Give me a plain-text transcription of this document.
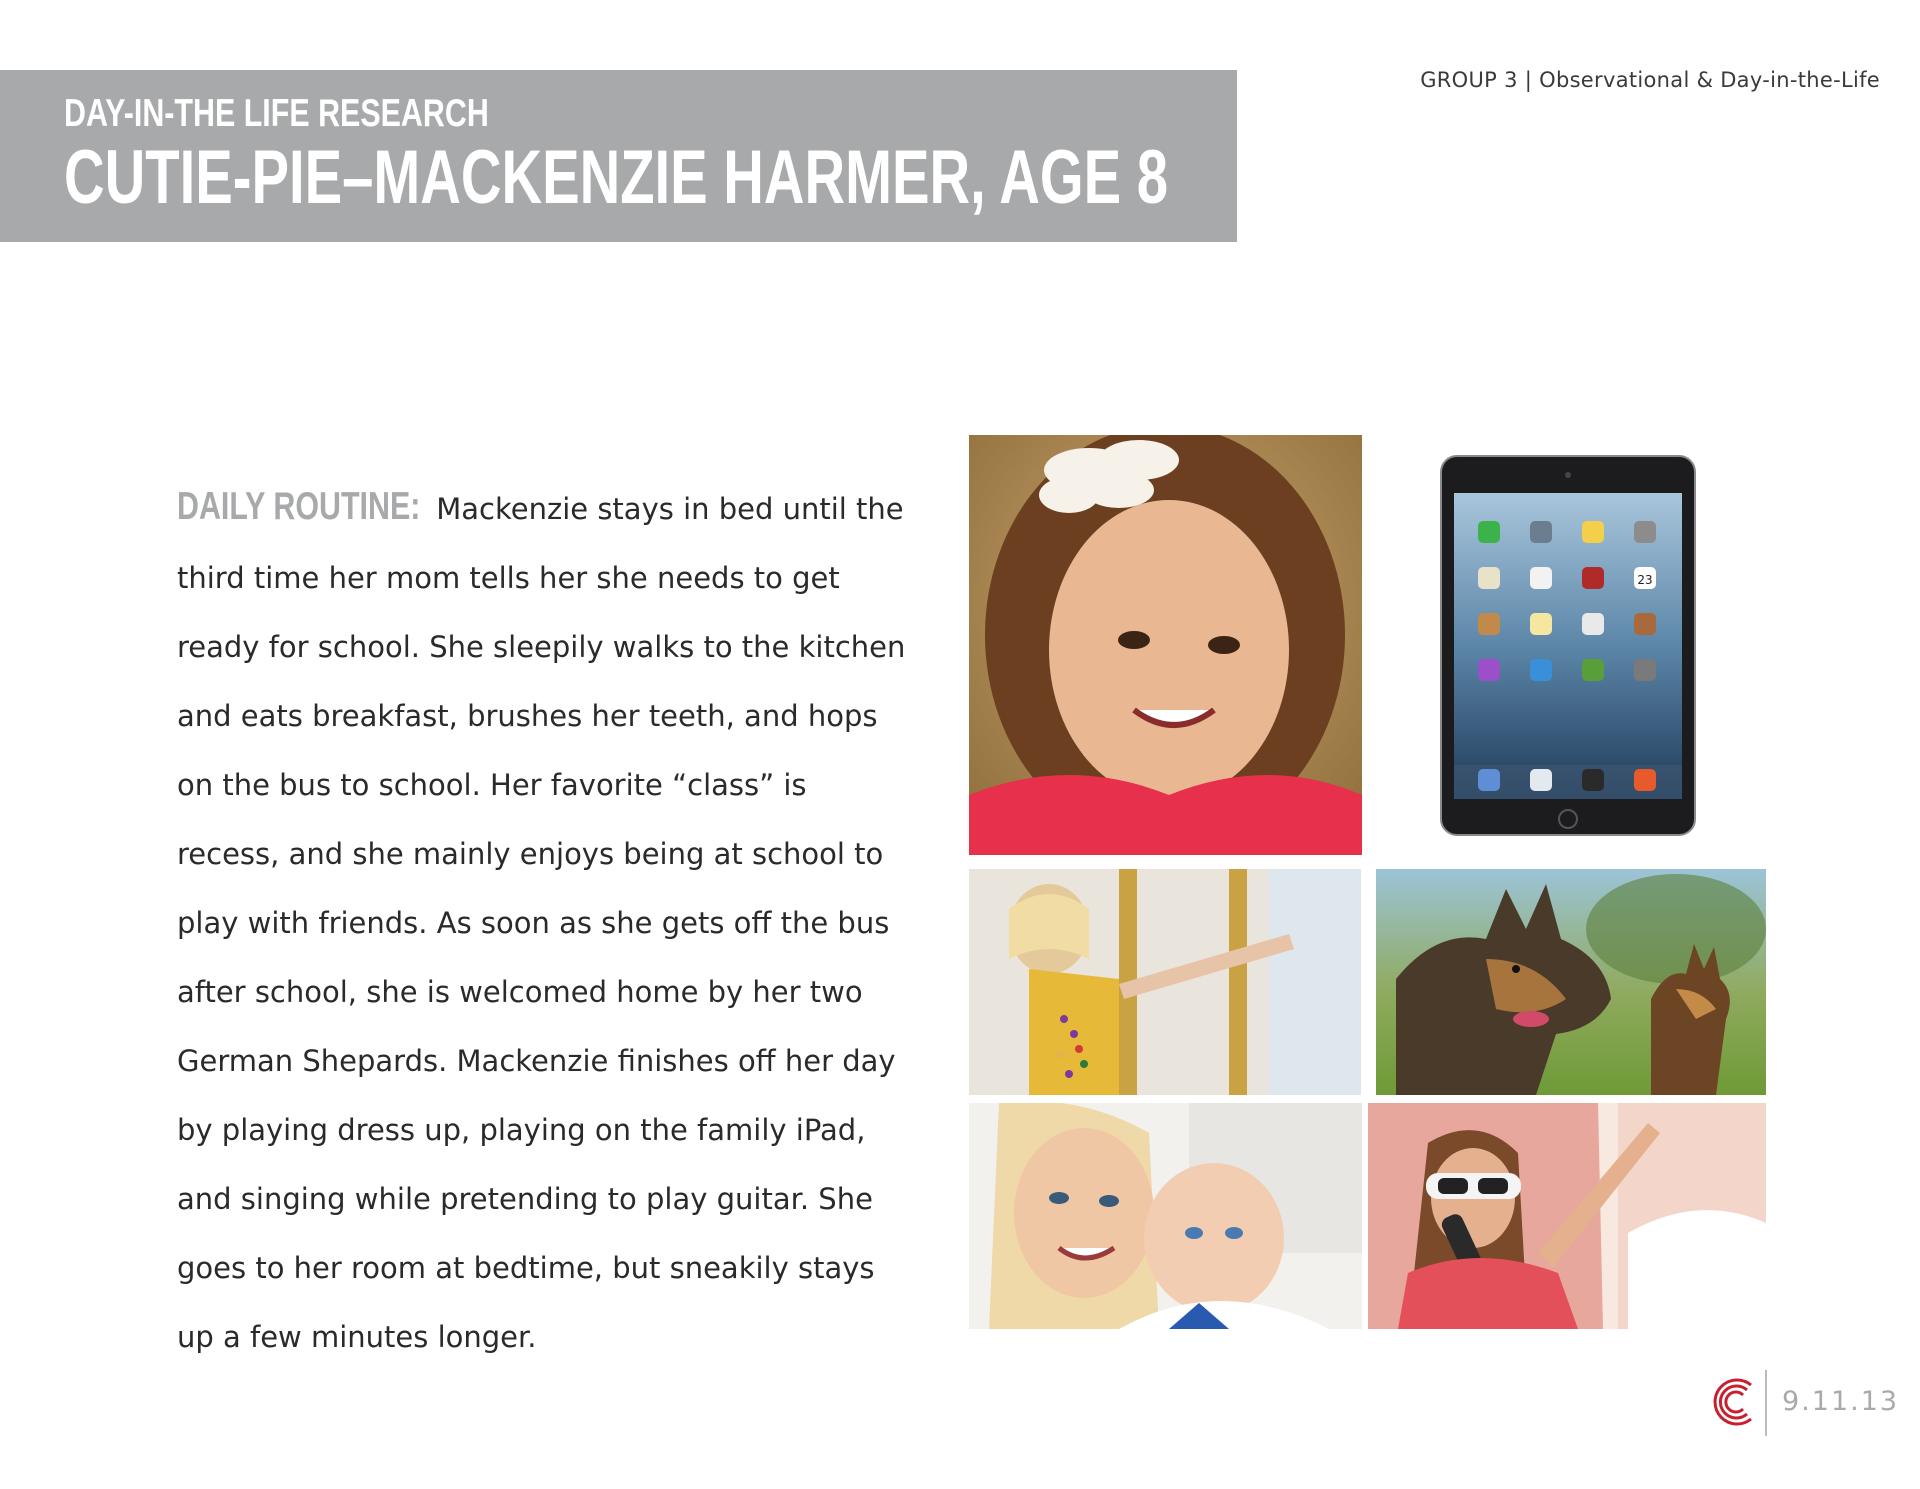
DAY-IN-THE LIFE RESEARCH
CUTIE-PIE–MACKENZIE HARMER, AGE 8
GROUP 3 | Observational & Day-in-the-Life
DAILY ROUTINE: Mackenzie stays in bed until the third time her mom tells her she needs to get ready for school. She sleepily walks to the kitchen and eats breakfast, brushes her teeth, and hops on the bus to school. Her favorite “class” is recess, and she mainly enjoys being at school to play with friends. As soon as she gets off the bus after school, she is welcomed home by her two German Shepards. Mackenzie finishes off her day by playing dress up, playing on the family iPad, and singing while pretending to play guitar. She goes to her room at bedtime, but sneakily stays up a few minutes longer.
23
9.11.13
